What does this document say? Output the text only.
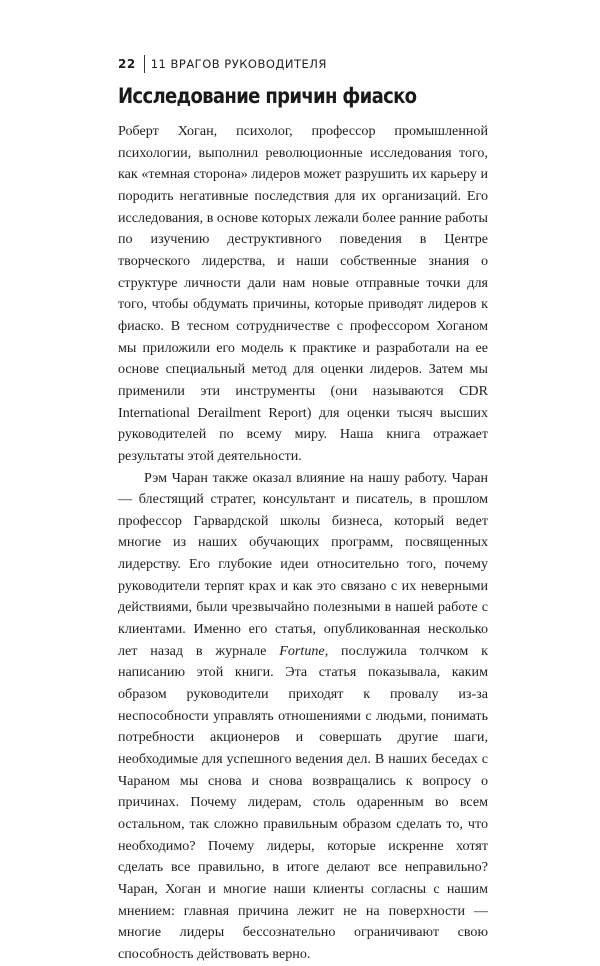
22 11 ВРАГОВ РУКОВОДИТЕЛЯ
Исследование причин фиаско

Роберт Хоган, психолог, профессор промышленной психологии, выполнил революционные исследования того, как «темная сторона» лидеров может разрушить их карьеру и породить негативные последствия для их организаций. Его исследования, в основе которых лежали более ранние работы по изучению деструктивного поведения в Центре творческого лидерства, и наши собственные знания о структуре личности дали нам новые отправные точки для того, чтобы обдумать причины, которые приводят лидеров к фиаско. В тесном сотрудничестве с профессором Хоганом мы приложили его модель к практике и разработали на ее основе специальный метод для оценки лидеров. Затем мы применили эти инструменты (они называются CDR International Derailment Report) для оценки тысяч высших руководителей по всему миру. Наша книга отражает результаты этой деятельности.

Рэм Чаран также оказал влияние на нашу работу. Чаран — блестящий стратег, консультант и писатель, в прошлом профессор Гарвардской школы бизнеса, который ведет многие из наших обучающих программ, посвященных лидерству. Его глубокие идеи относительно того, почему руководители терпят крах и как это связано с их неверными действиями, были чрезвычайно полезными в нашей работе с клиентами. Именно его статья, опубликованная несколько лет назад в журнале Fortune, послужила толчком к написанию этой книги. Эта статья показывала, каким образом руководители приходят к провалу из-за неспособности управлять отношениями с людьми, понимать потребности акционеров и совершать другие шаги, необходимые для успешного ведения дел. В наших беседах с Чараном мы снова и снова возвращались к вопросу о причинах. Почему лидерам, столь одаренным во всем остальном, так сложно правильным образом сделать то, что необходимо? Почему лидеры, которые искренне хотят сделать все правильно, в итоге делают все неправильно? Чаран, Хоган и многие наши клиенты согласны с нашим мнением: главная причина лежит не на поверхности — многие лидеры бессознательно ограничивают свою способность действовать верно.
